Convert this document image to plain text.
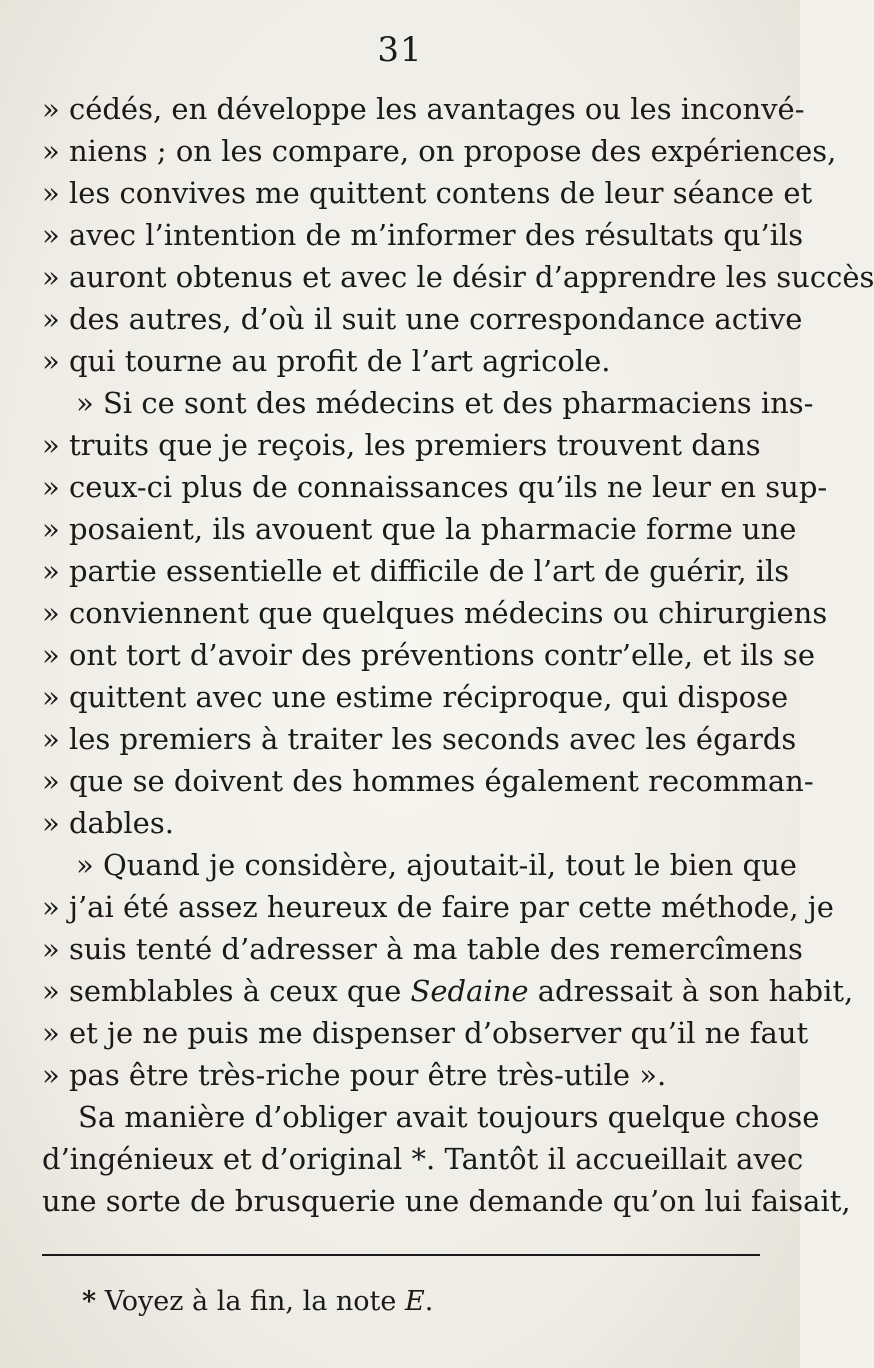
31
» cédés, en développe les avantages ou les inconvé-
» niens ; on les compare, on propose des expériences,
» les convives me quittent contens de leur séance et
» avec l’intention de m’informer des résultats qu’ils
» auront obtenus et avec le désir d’apprendre les succès
» des autres, d’où il suit une correspondance active
» qui tourne au profit de l’art agricole.
» Si ce sont des médecins et des pharmaciens ins-
» truits que je reçois, les premiers trouvent dans
» ceux-ci plus de connaissances qu’ils ne leur en sup-
» posaient, ils avouent que la pharmacie forme une
» partie essentielle et difficile de l’art de guérir, ils
» conviennent que quelques médecins ou chirurgiens
» ont tort d’avoir des préventions contr’elle, et ils se
» quittent avec une estime réciproque, qui dispose
» les premiers à traiter les seconds avec les égards
» que se doivent des hommes également recomman-
» dables.
» Quand je considère, ajoutait-il, tout le bien que
» j’ai été assez heureux de faire par cette méthode, je
» suis tenté d’adresser à ma table des remercîmens
» semblables à ceux que Sedaine adressait à son habit,
» et je ne puis me dispenser d’observer qu’il ne faut
» pas être très-riche pour être très-utile ».
Sa manière d’obliger avait toujours quelque chose
d’ingénieux et d’original *. Tantôt il accueillait avec
une sorte de brusquerie une demande qu’on lui faisait,
* Voyez à la fin, la note E.
